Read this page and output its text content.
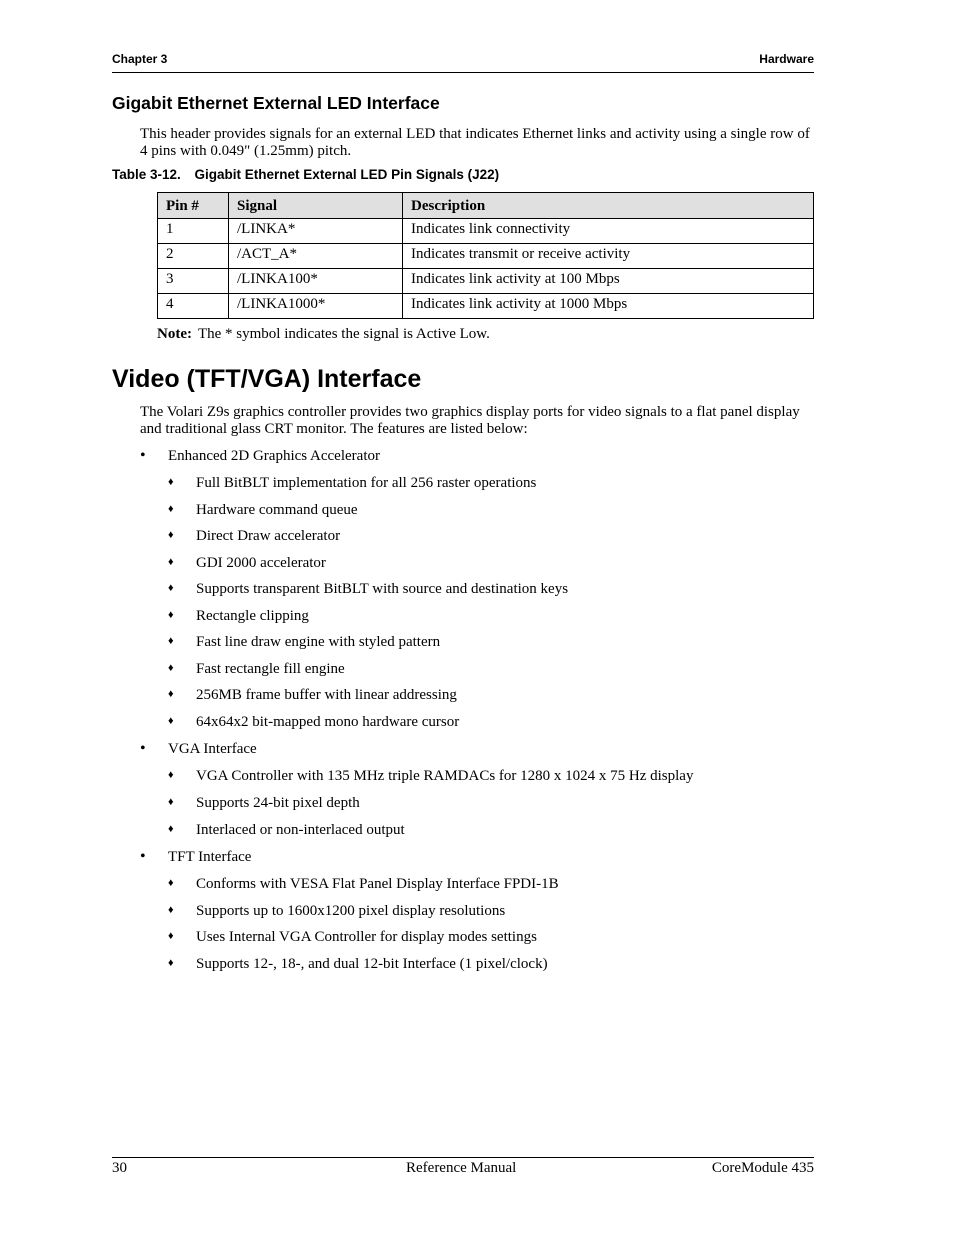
Chapter 3	Hardware
Gigabit Ethernet External LED Interface
This header provides signals for an external LED that indicates Ethernet links and activity using a single row of 4 pins with 0.049" (1.25mm) pitch.
Table 3-12. Gigabit Ethernet External LED Pin Signals (J22)
Pin #	Signal	Description
1	/LINKA*	Indicates link connectivity
2	/ACT_A*	Indicates transmit or receive activity
3	/LINKA100*	Indicates link activity at 100 Mbps
4	/LINKA1000*	Indicates link activity at 1000 Mbps
Note: The * symbol indicates the signal is Active Low.
Video (TFT/VGA) Interface
The Volari Z9s graphics controller provides two graphics display ports for video signals to a flat panel display and traditional glass CRT monitor. The features are listed below:
• Enhanced 2D Graphics Accelerator
♦ Full BitBLT implementation for all 256 raster operations
♦ Hardware command queue
♦ Direct Draw accelerator
♦ GDI 2000 accelerator
♦ Supports transparent BitBLT with source and destination keys
♦ Rectangle clipping
♦ Fast line draw engine with styled pattern
♦ Fast rectangle fill engine
♦ 256MB frame buffer with linear addressing
♦ 64x64x2 bit-mapped mono hardware cursor
• VGA Interface
♦ VGA Controller with 135 MHz triple RAMDACs for 1280 x 1024 x 75 Hz display
♦ Supports 24-bit pixel depth
♦ Interlaced or non-interlaced output
• TFT Interface
♦ Conforms with VESA Flat Panel Display Interface FPDI-1B
♦ Supports up to 1600x1200 pixel display resolutions
♦ Uses Internal VGA Controller for display modes settings
♦ Supports 12-, 18-, and dual 12-bit Interface (1 pixel/clock)
30	Reference Manual	CoreModule 435
